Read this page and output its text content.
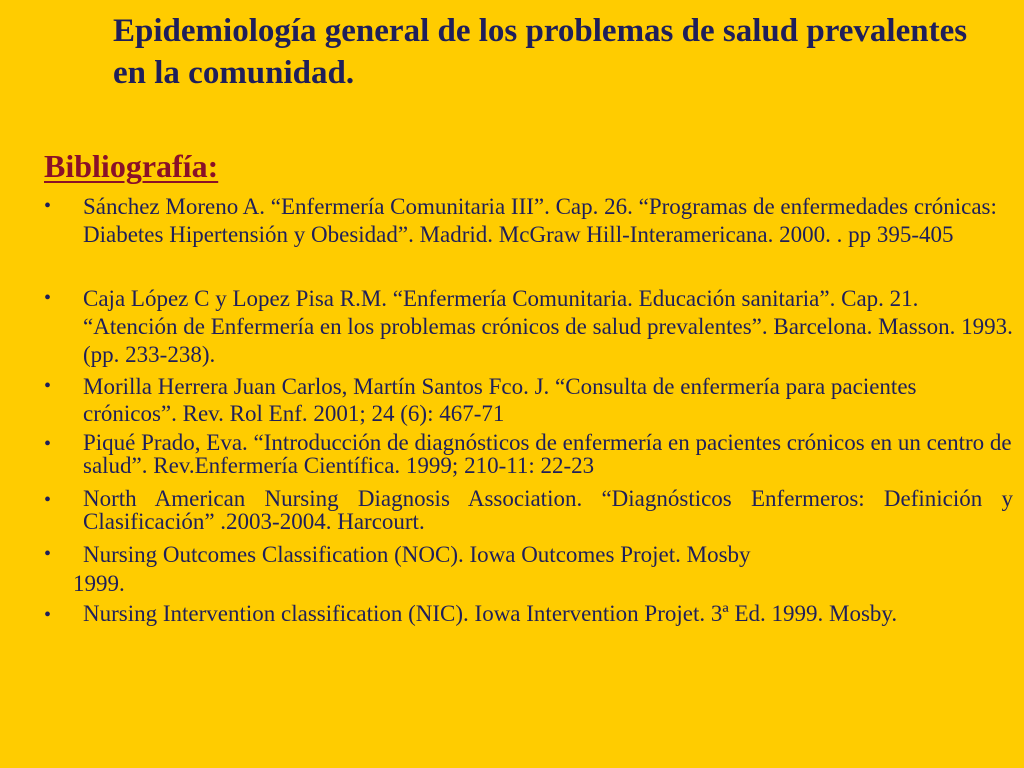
Epidemiología general de los problemas de salud prevalentes en la comunidad.
Bibliografía:
• Sánchez Moreno A. “Enfermería Comunitaria III”. Cap. 26. “Programas de enfermedades crónicas: Diabetes Hipertensión y Obesidad”. Madrid. McGraw Hill-Interamericana. 2000. . pp 395-405
• Caja López C y Lopez Pisa R.M. “Enfermería Comunitaria. Educación sanitaria”. Cap. 21. “Atención de Enfermería en los problemas crónicos de salud prevalentes”. Barcelona. Masson. 1993. (pp. 233-238).
• Morilla Herrera Juan Carlos, Martín Santos Fco. J. “Consulta de enfermería para pacientes crónicos”. Rev. Rol Enf. 2001; 24 (6): 467-71
• Piqué Prado, Eva. “Introducción de diagnósticos de enfermería en pacientes crónicos en un centro de salud”. Rev.Enfermería Científica. 1999; 210-11: 22-23
• North American Nursing Diagnosis Association. “Diagnósticos Enfermeros: Definición y Clasificación” .2003-2004. Harcourt.
• Nursing Outcomes Classification (NOC). Iowa Outcomes Projet. Mosby
• Nursing Intervention classification (NIC). Iowa Intervention Projet. 3ª Ed. 1999. Mosby.

1999.
